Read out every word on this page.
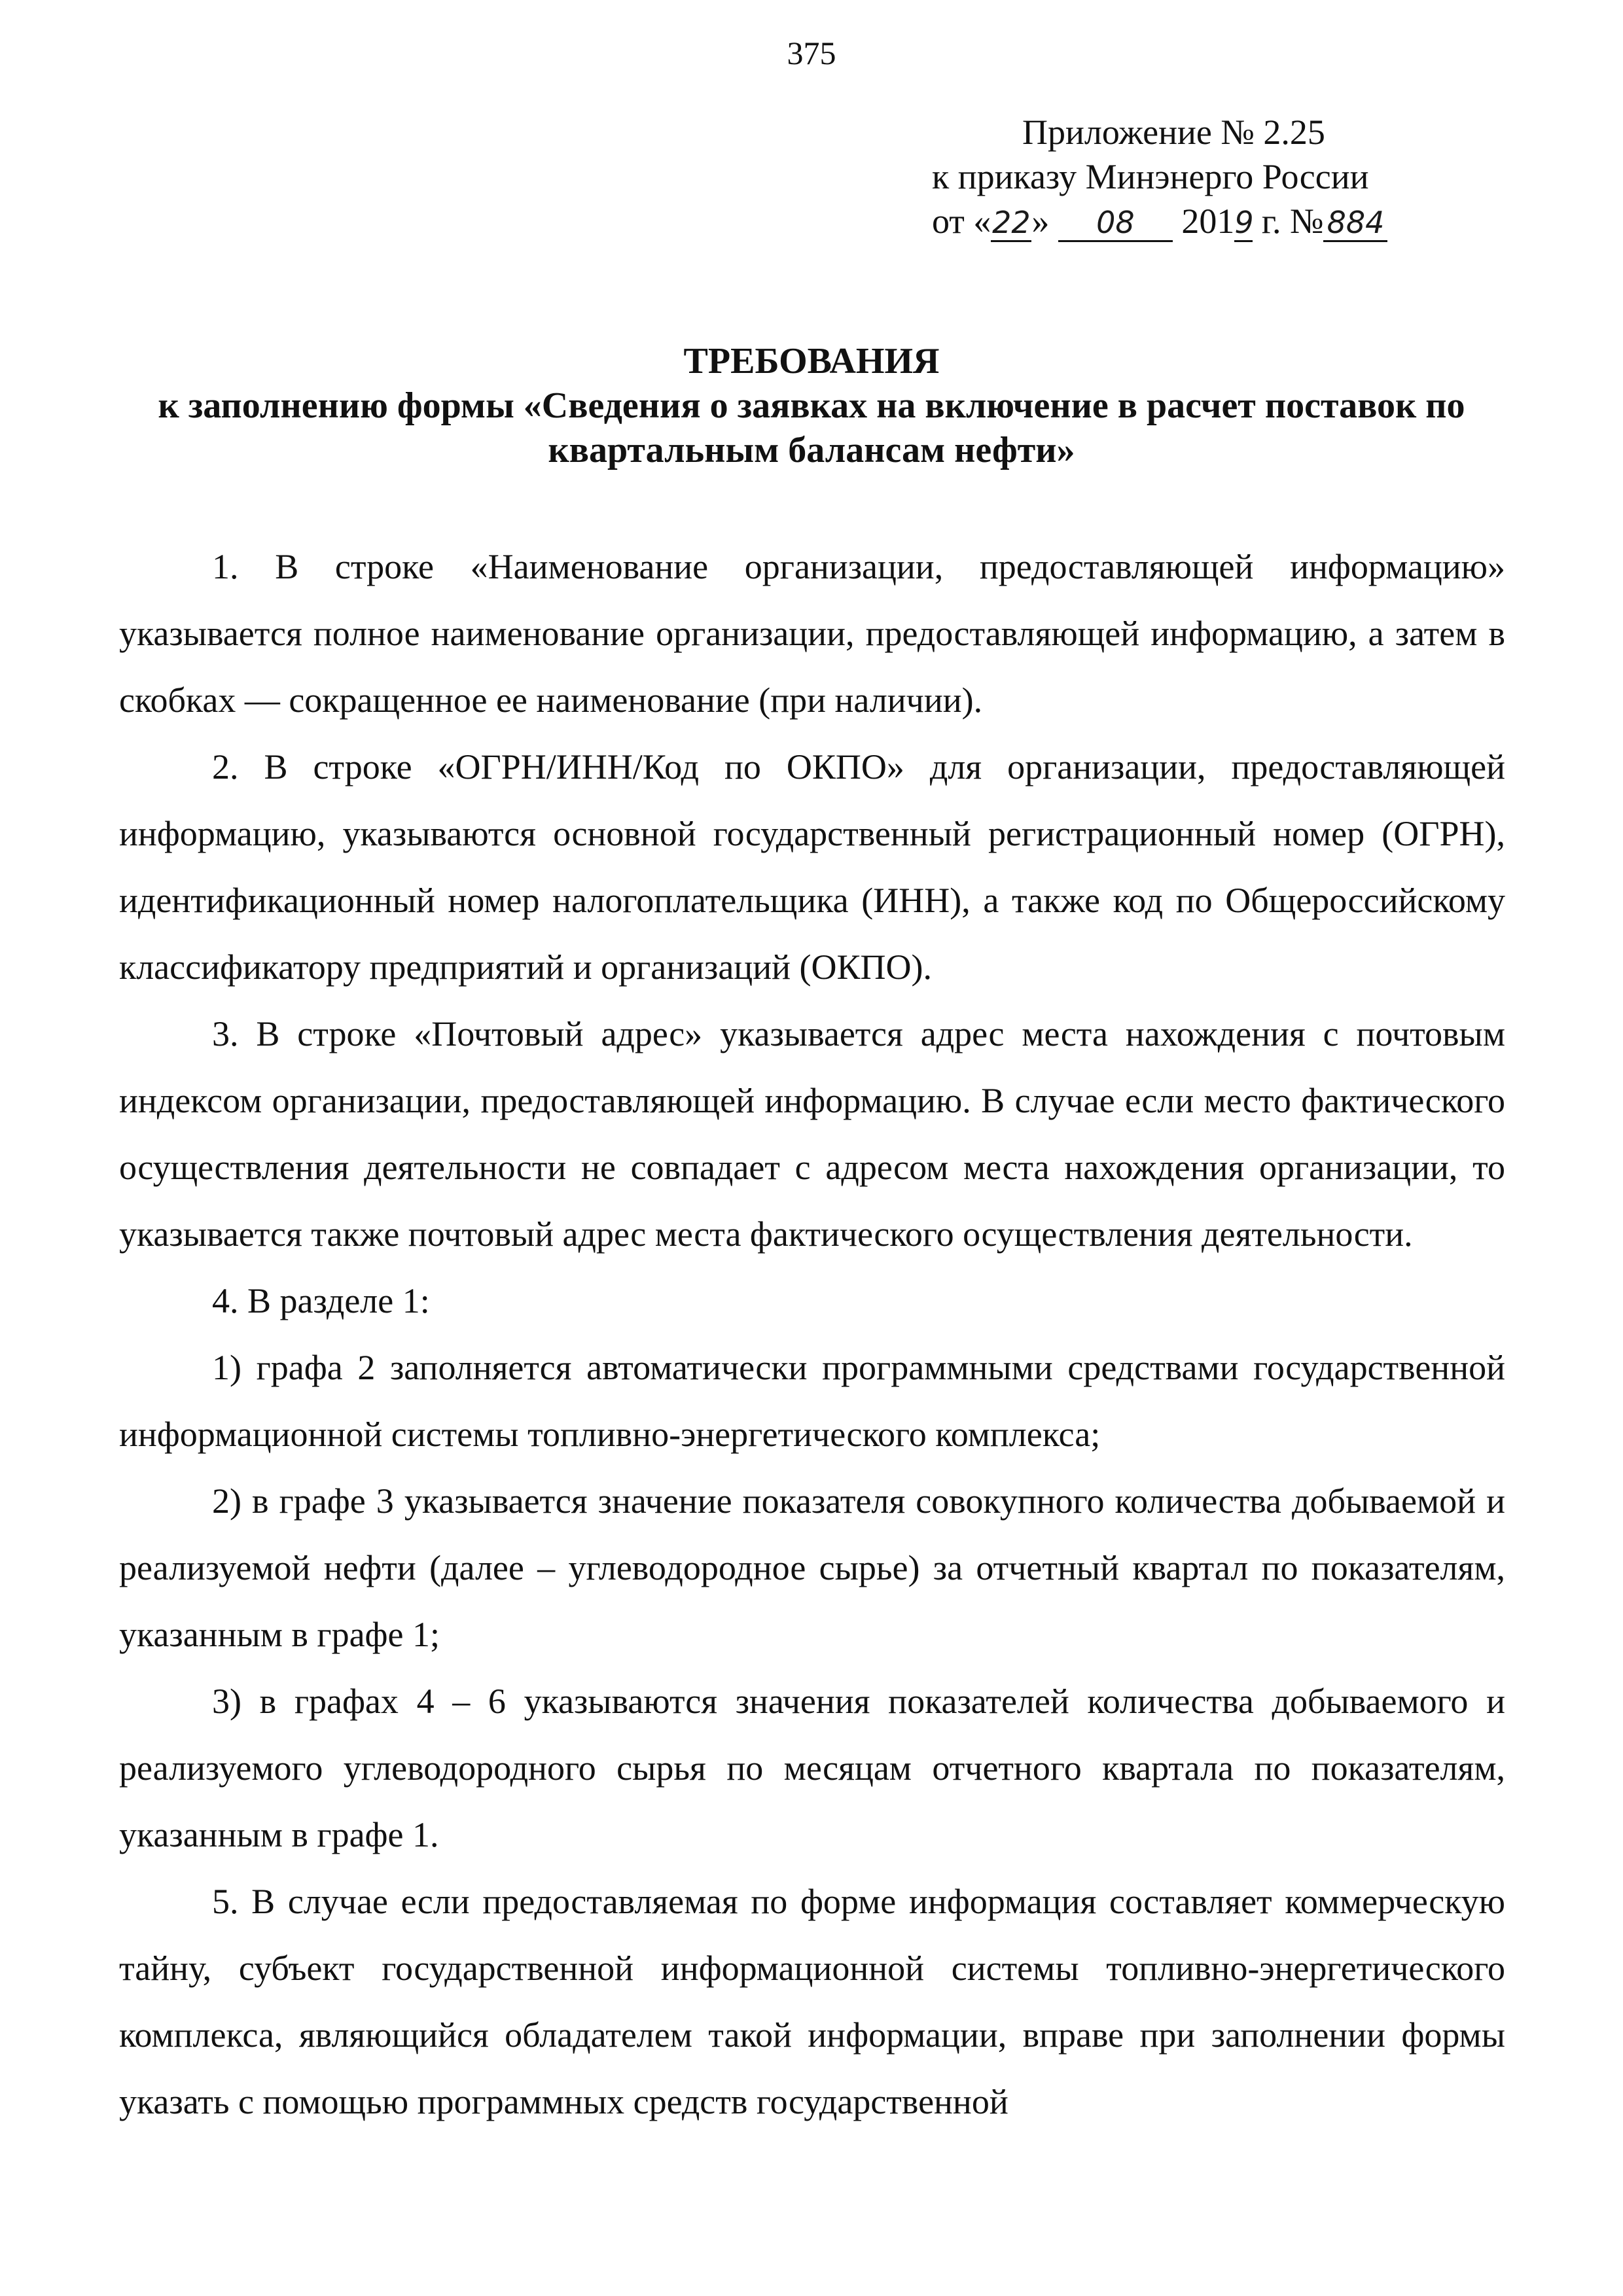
375
Приложение № 2.25
к приказу Минэнерго России
от «22» 08 2019 г. № 884
ТРЕБОВАНИЯ
к заполнению формы «Сведения о заявках на включение в расчет поставок по квартальным балансам нефти»

1. В строке «Наименование организации, предоставляющей информацию» указывается полное наименование организации, предоставляющей информацию, а затем в скобках — сокращенное ее наименование (при наличии).

2. В строке «ОГРН/ИНН/Код по ОКПО» для организации, предоставляющей информацию, указываются основной государственный регистрационный номер (ОГРН), идентификационный номер налогоплательщика (ИНН), а также код по Общероссийскому классификатору предприятий и организаций (ОКПО).

3. В строке «Почтовый адрес» указывается адрес места нахождения с почтовым индексом организации, предоставляющей информацию. В случае если место фактического осуществления деятельности не совпадает с адресом места нахождения организации, то указывается также почтовый адрес места фактического осуществления деятельности.

4. В разделе 1:

1) графа 2 заполняется автоматически программными средствами государственной информационной системы топливно-энергетического комплекса;

2) в графе 3 указывается значение показателя совокупного количества добываемой и реализуемой нефти (далее – углеводородное сырье) за отчетный квартал по показателям, указанным в графе 1;

3) в графах 4 – 6 указываются значения показателей количества добываемого и реализуемого углеводородного сырья по месяцам отчетного квартала по показателям, указанным в графе 1.

5. В случае если предоставляемая по форме информация составляет коммерческую тайну, субъект государственной информационной системы топливно-энергетического комплекса, являющийся обладателем такой информации, вправе при заполнении формы указать с помощью программных средств государственной
